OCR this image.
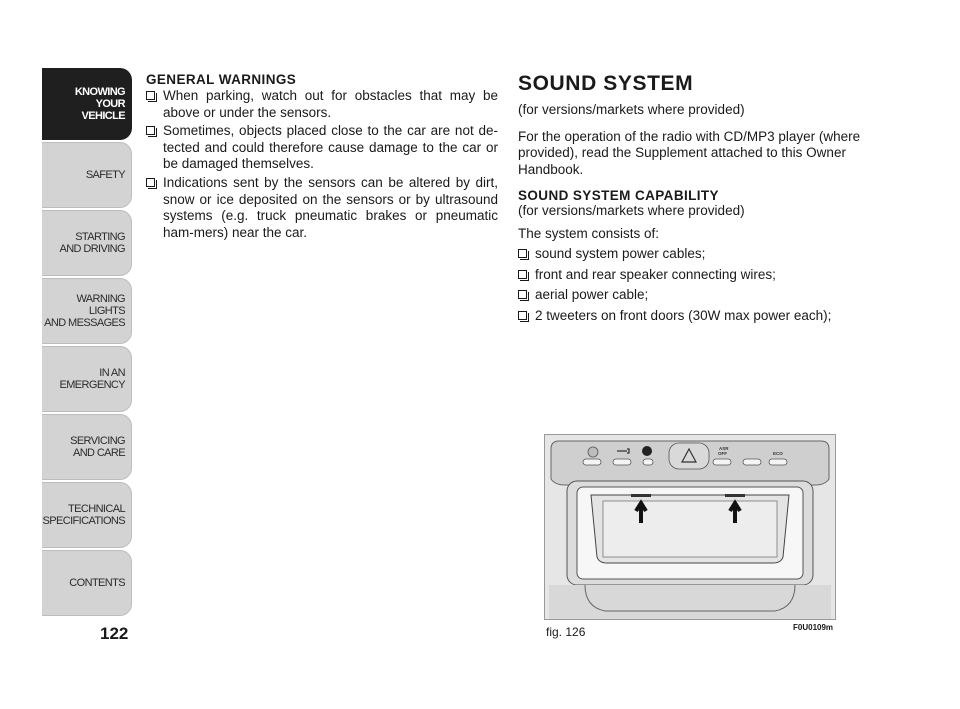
KNOWING
YOUR
VEHICLE
SAFETY
STARTING
AND DRIVING
WARNING LIGHTS
AND MESSAGES
IN AN
EMERGENCY
SERVICING
AND CARE
TECHNICAL
SPECIFICATIONS
CONTENTS
122
GENERAL WARNINGS
When parking, watch out for obstacles that may be above or under the sensors.
Sometimes, objects placed close to the car are not de-tected and could therefore cause damage to the car or be damaged themselves.
Indications sent by the sensors can be altered by dirt, snow or ice deposited on the sensors or by ultrasound systems (e.g. truck pneumatic brakes or pneumatic ham-mers) near the car.
SOUND SYSTEM

(for versions/markets where provided)

For the operation of the radio with CD/MP3 player (where provided), read the Supplement attached to this Owner Handbook.

SOUND SYSTEM CAPABILITY

(for versions/markets where provided)

The system consists of:

sound system power cables;
front and rear speaker connecting wires;
aerial power cable;
2 tweeters on front doors (30W max power each);
ASR
OFF	ECO
fig. 126	F0U0109m
